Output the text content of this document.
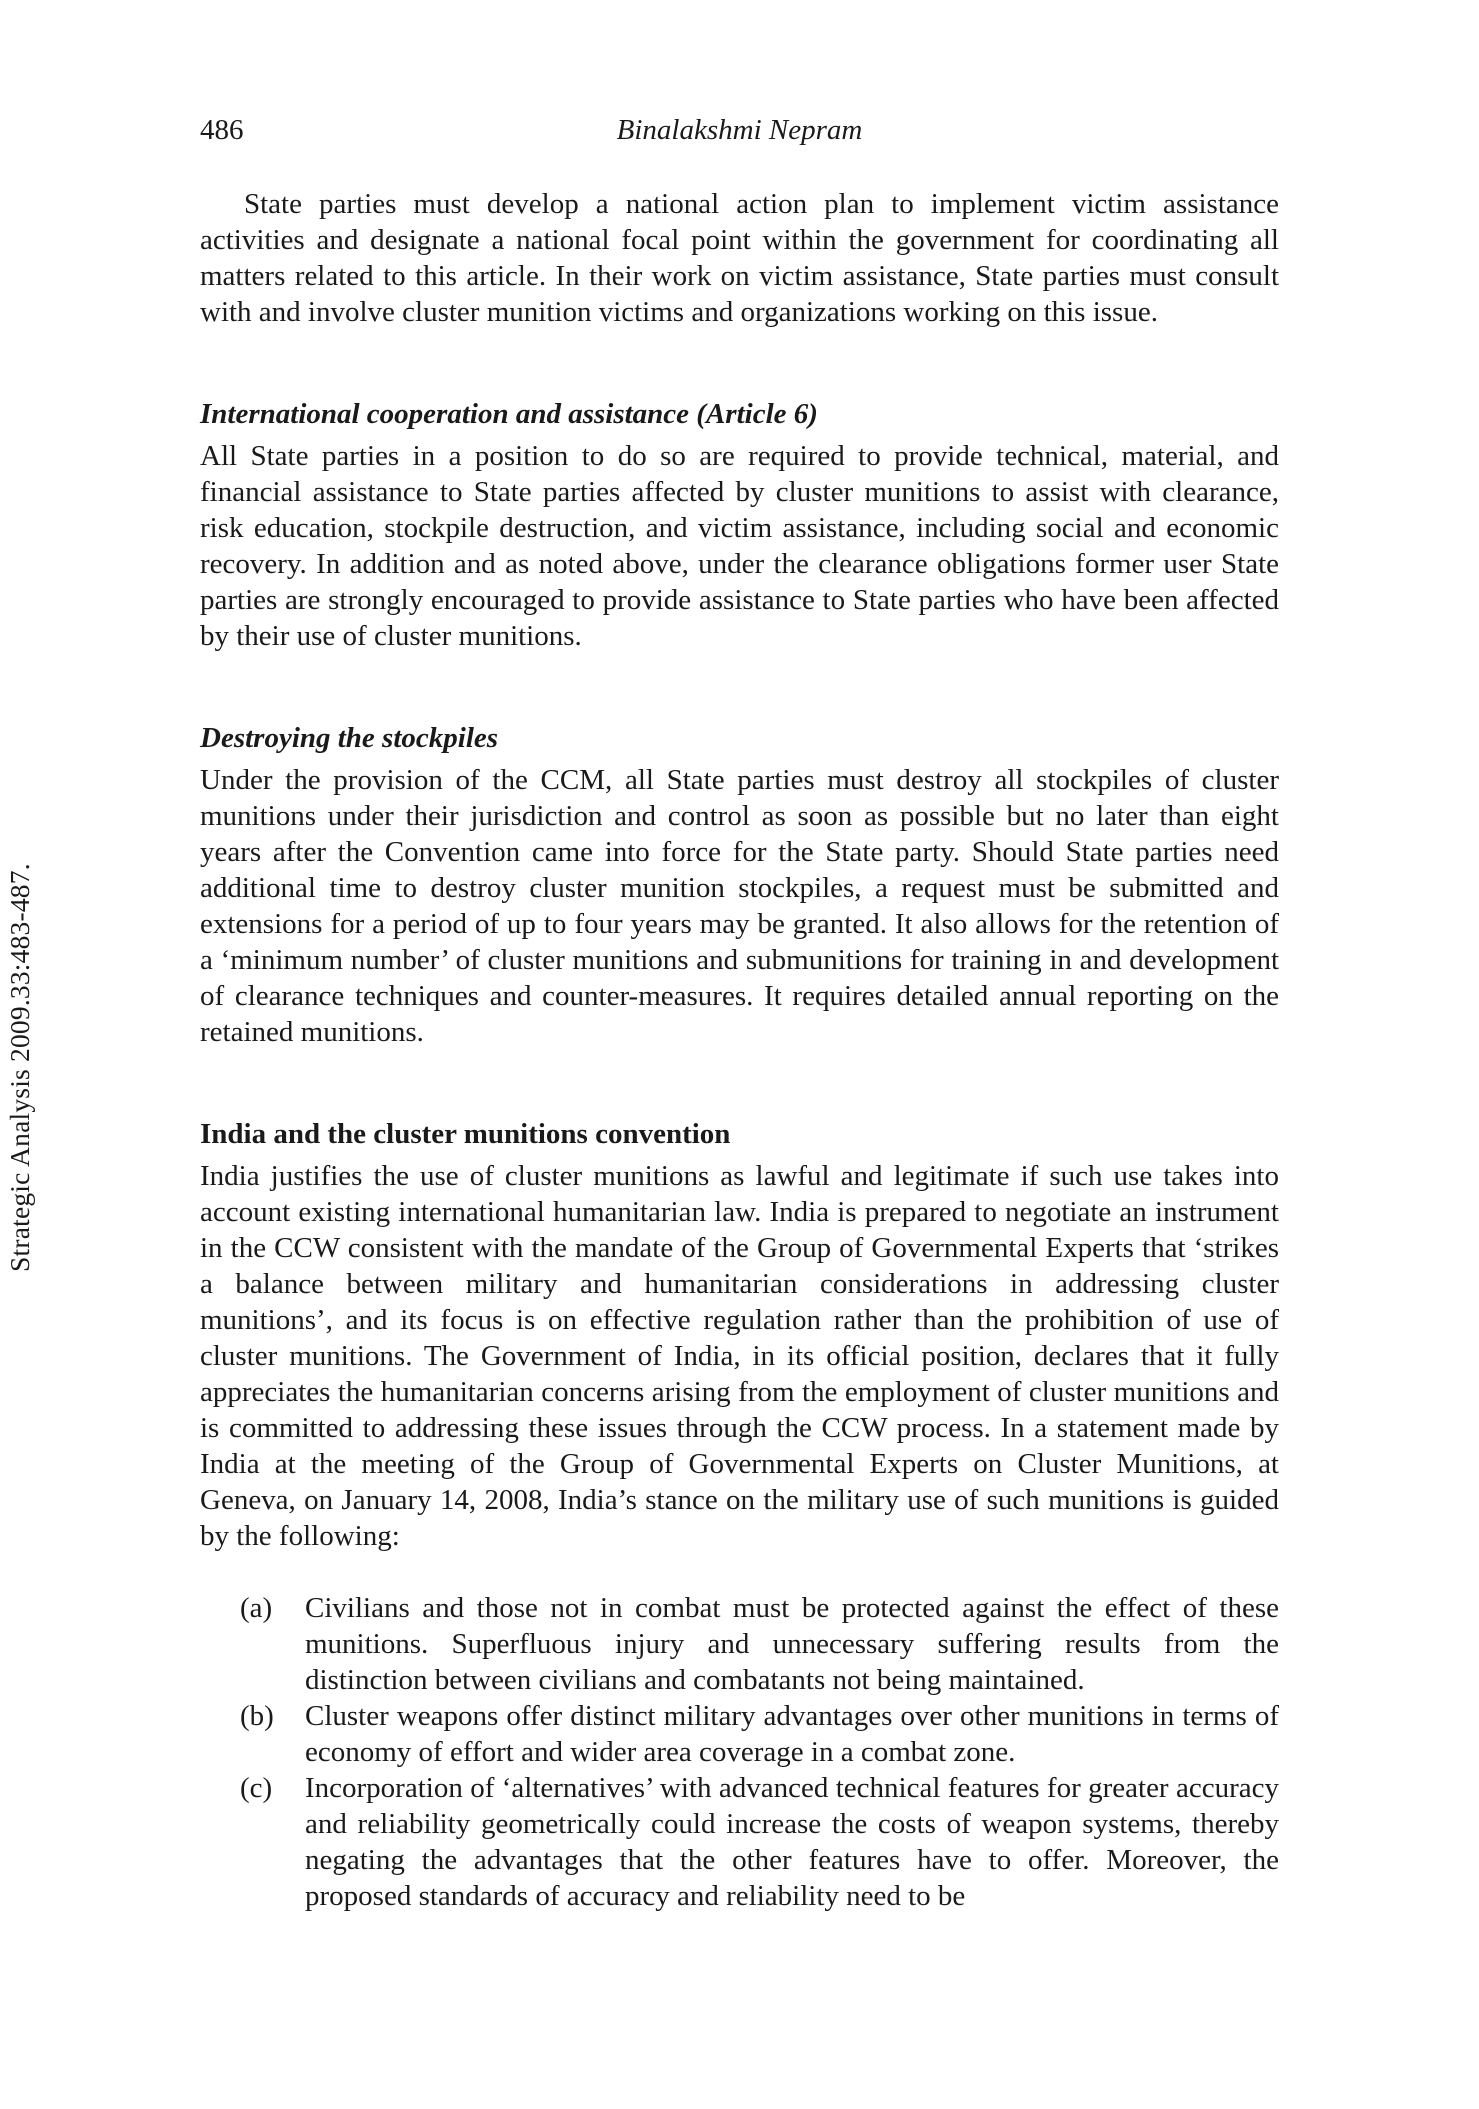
486	Binalakshmi Nepram
Strategic Analysis 2009.33:483-487.

State parties must develop a national action plan to implement victim assistance activities and designate a national focal point within the government for coordinating all matters related to this article. In their work on victim assistance, State parties must consult with and involve cluster munition victims and organizations working on this issue.

International cooperation and assistance (Article 6)

All State parties in a position to do so are required to provide technical, material, and financial assistance to State parties affected by cluster munitions to assist with clearance, risk education, stockpile destruction, and victim assistance, including social and economic recovery. In addition and as noted above, under the clearance obligations former user State parties are strongly encouraged to provide assistance to State parties who have been affected by their use of cluster munitions.

Destroying the stockpiles

Under the provision of the CCM, all State parties must destroy all stockpiles of cluster munitions under their jurisdiction and control as soon as possible but no later than eight years after the Convention came into force for the State party. Should State parties need additional time to destroy cluster munition stockpiles, a request must be submitted and extensions for a period of up to four years may be granted. It also allows for the retention of a ‘minimum number’ of cluster munitions and submunitions for training in and development of clearance techniques and counter-measures. It requires detailed annual reporting on the retained munitions.

India and the cluster munitions convention

India justifies the use of cluster munitions as lawful and legitimate if such use takes into account existing international humanitarian law. India is prepared to negotiate an instrument in the CCW consistent with the mandate of the Group of Governmental Experts that ‘strikes a balance between military and humanitarian considerations in addressing cluster munitions’, and its focus is on effective regulation rather than the prohibition of use of cluster munitions. The Government of India, in its official position, declares that it fully appreciates the humanitarian concerns arising from the employment of cluster munitions and is committed to addressing these issues through the CCW process. In a statement made by India at the meeting of the Group of Governmental Experts on Cluster Munitions, at Geneva, on January 14, 2008, India’s stance on the military use of such munitions is guided by the following:

(a) Civilians and those not in combat must be protected against the effect of these munitions. Superfluous injury and unnecessary suffering results from the distinction between civilians and combatants not being maintained.
(b) Cluster weapons offer distinct military advantages over other munitions in terms of economy of effort and wider area coverage in a combat zone.
(c) Incorporation of ‘alternatives’ with advanced technical features for greater accuracy and reliability geometrically could increase the costs of weapon systems, thereby negating the advantages that the other features have to offer. Moreover, the proposed standards of accuracy and reliability need to be
